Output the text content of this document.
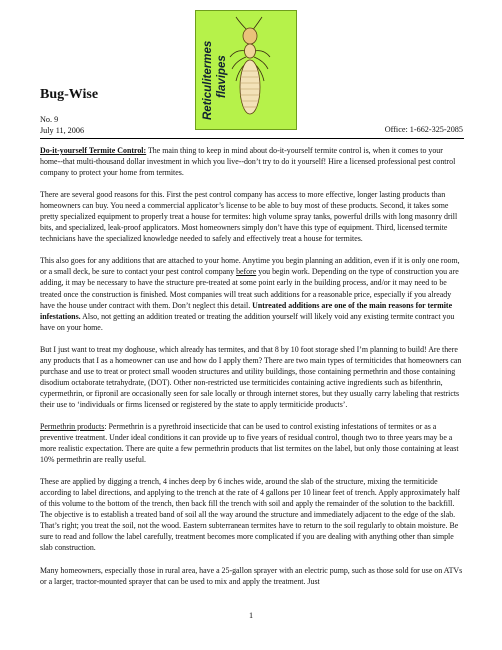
Reticulitermes flavipes
Bug-Wise
No. 9
July 11, 2006	Office: 1-662-325-2085

Do-it-yourself Termite Control: The main thing to keep in mind about do-it-yourself termite control is, when it comes to your home--that multi-thousand dollar investment in which you live--don’t try to do it yourself! Hire a licensed professional pest control company to protect your home from termites.

There are several good reasons for this. First the pest control company has access to more effective, longer lasting products than homeowners can buy. You need a commercial applicator’s license to be able to buy most of these products. Second, it takes some pretty specialized equipment to properly treat a house for termites: high volume spray tanks, powerful drills with long masonry drill bits, and specialized, leak-proof applicators. Most homeowners simply don’t have this type of equipment. Third, licensed termite technicians have the specialized knowledge needed to safely and effectively treat a house for termites.

This also goes for any additions that are attached to your home. Anytime you begin planning an addition, even if it is only one room, or a small deck, be sure to contact your pest control company before you begin work. Depending on the type of construction you are adding, it may be necessary to have the structure pre-treated at some point early in the building process, and/or it may need to be treated once the construction is finished. Most companies will treat such additions for a reasonable price, especially if you already have the house under contract with them. Don’t neglect this detail. Untreated additions are one of the main reasons for termite infestations. Also, not getting an addition treated or treating the addition yourself will likely void any existing termite contract you have on your home.

But I just want to treat my doghouse, which already has termites, and that 8 by 10 foot storage shed I’m planning to build! Are there any products that I as a homeowner can use and how do I apply them? There are two main types of termiticides that homeowners can purchase and use to treat or protect small wooden structures and utility buildings, those containing permethrin and those containing disodium octaborate tetrahydrate, (DOT). Other non-restricted use termiticides containing active ingredients such as bifenthrin, cypermethrin, or fipronil are occasionally seen for sale locally or through internet stores, but they usually carry labeling that restricts their use to ‘individuals or firms licensed or registered by the state to apply termiticide products’.

Permethrin products: Permethrin is a pyrethroid insecticide that can be used to control existing infestations of termites or as a preventive treatment. Under ideal conditions it can provide up to five years of residual control, though two to three years may be a more realistic expectation. There are quite a few permethrin products that list termites on the label, but only those containing at least 10% permethrin are really useful.

These are applied by digging a trench, 4 inches deep by 6 inches wide, around the slab of the structure, mixing the termiticide according to label directions, and applying to the trench at the rate of 4 gallons per 10 linear feet of trench. Apply approximately half of this volume to the bottom of the trench, then back fill the trench with soil and apply the remainder of the solution to the backfill. The objective is to establish a treated band of soil all the way around the structure and immediately adjacent to the edge of the slab. That’s right; you treat the soil, not the wood. Eastern subterranean termites have to return to the soil regularly to obtain moisture. Be sure to read and follow the label carefully, treatment becomes more complicated if you are dealing with anything other than simple slab construction.

Many homeowners, especially those in rural area, have a 25-gallon sprayer with an electric pump, such as those sold for use on ATVs or a larger, tractor-mounted sprayer that can be used to mix and apply the treatment. Just

1
